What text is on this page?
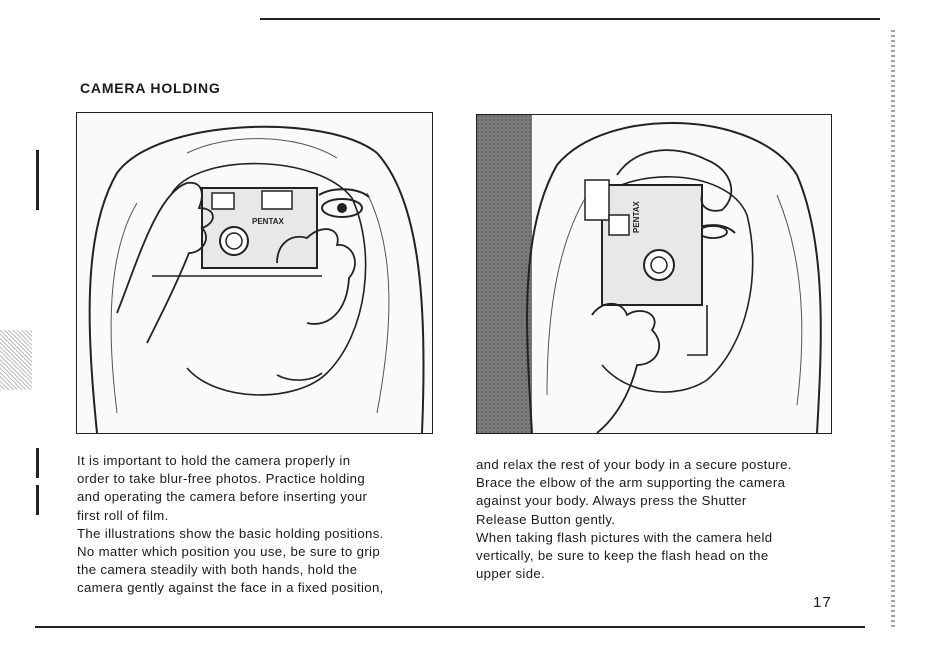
CAMERA HOLDING
PENTAX	PENTAX
It is important to hold the camera properly in
order to take blur-free photos. Practice holding
and operating the camera before inserting your
first roll of film.
The illustrations show the basic holding positions.
No matter which position you use, be sure to grip
the camera steadily with both hands, hold the
camera gently against the face in a fixed position,
and relax the rest of your body in a secure posture.
Brace the elbow of the arm supporting the camera
against your body. Always press the Shutter
Release Button gently.
When taking flash pictures with the camera held
vertically, be sure to keep the flash head on the
upper side.
17
